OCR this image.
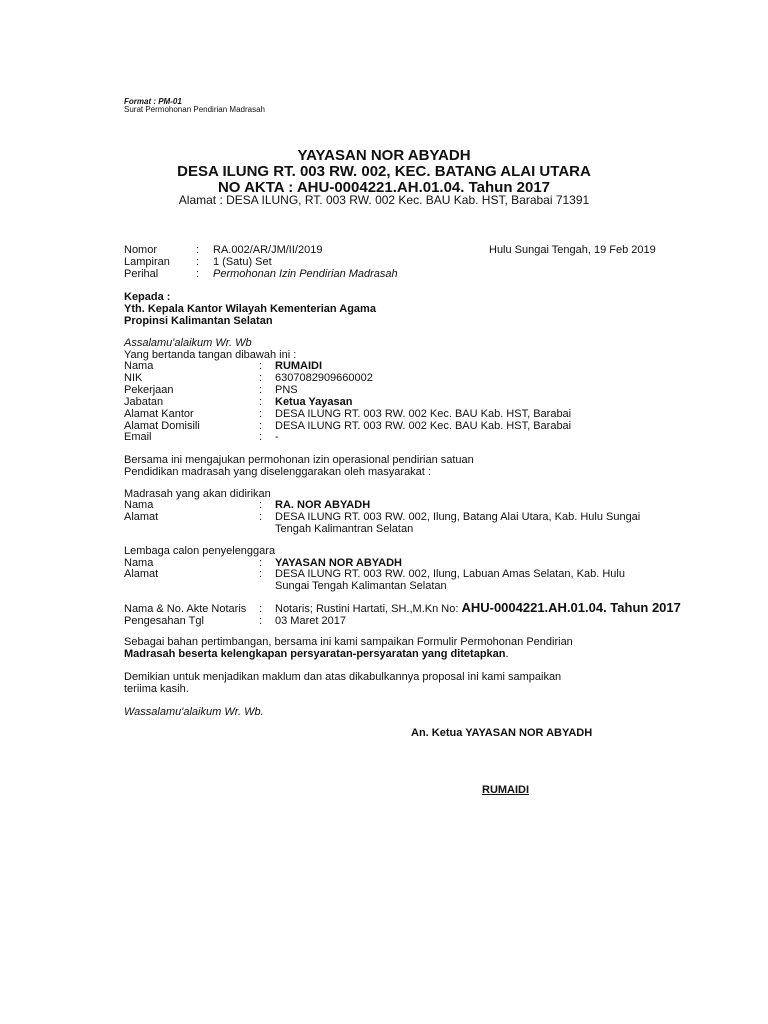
Format : PM-01
Surat Permohonan Pendirian Madrasah
YAYASAN NOR ABYADH
DESA ILUNG RT. 003 RW. 002, KEC. BATANG ALAI UTARA
NO AKTA : AHU-0004221.AH.01.04. Tahun 2017
Alamat : DESA ILUNG, RT. 003 RW. 002 Kec. BAU Kab. HST, Barabai 71391
Nomor	: RA.002/AR/JM/II/2019	Hulu Sungai Tengah, 19 Feb 2019
Lampiran : 1 (Satu) Set
Perihal	: Permohonan Izin Pendirian Madrasah
Kepada :
Yth. Kepala Kantor Wilayah Kementerian Agama
Propinsi Kalimantan Selatan
Assalamu'alaikum Wr. Wb
Yang bertanda tangan dibawah ini :
Nama	: RUMAIDI
NIK	: 6307082909660002
Pekerjaan	: PNS
Jabatan	: Ketua Yayasan
Alamat Kantor	: DESA ILUNG RT. 003 RW. 002 Kec. BAU Kab. HST, Barabai
Alamat Domisili	: DESA ILUNG RT. 003 RW. 002 Kec. BAU Kab. HST, Barabai
Email	: -
Bersama ini mengajukan permohonan izin operasional pendirian satuan
Pendidikan madrasah yang diselenggarakan oleh masyarakat :
Madrasah yang akan didirikan
Nama	: RA. NOR ABYADH
Alamat	: DESA ILUNG RT. 003 RW. 002, Ilung, Batang Alai Utara, Kab. Hulu Sungai
Tengah Kalimantran Selatan
Lembaga calon penyelenggara
Nama	: YAYASAN NOR ABYADH
Alamat	: DESA ILUNG RT. 003 RW. 002, Ilung, Labuan Amas Selatan, Kab. Hulu
Sungai Tengah Kalimantan Selatan
Nama & No. Akte Notaris : Notaris; Rustini Hartati, SH.,M.Kn No: AHU-0004221.AH.01.04. Tahun 2017
Pengesahan Tgl	: 03 Maret 2017
Sebagai bahan pertimbangan, bersama ini kami sampaikan Formulir Permohonan Pendirian
Madrasah beserta kelengkapan persyaratan-persyaratan yang ditetapkan.
Demikian untuk menjadikan maklum dan atas dikabulkannya proposal ini kami sampaikan
teriima kasih.
Wassalamu'alaikum Wr. Wb.
An. Ketua YAYASAN NOR ABYADH
RUMAIDI
